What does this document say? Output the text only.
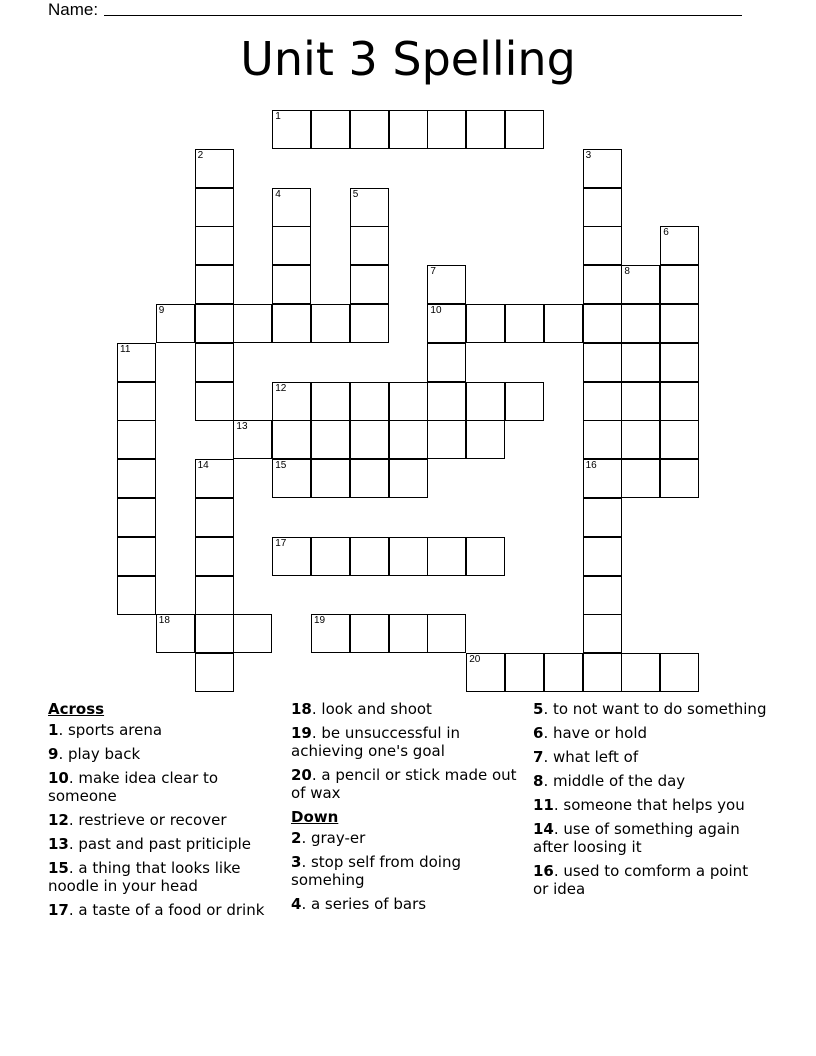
Name:
Unit 3 Spelling
1
2	3
4	5
6
7	8
9	10
11
12
13
14	15	16
17
18	19
20
Across
1. sports arena
9. play back
10. make idea clear to someone
12. restrieve or recover
13. past and past priticiple
15. a thing that looks like noodle in your head
17. a taste of a food or drink
18. look and shoot
19. be unsuccessful in achieving one's goal
20. a pencil or stick made out of wax
Down
2. gray-er
3. stop self from doing somehing
4. a series of bars
5. to not want to do something
6. have or hold
7. what left of
8. middle of the day
11. someone that helps you
14. use of something again after loosing it
16. used to comform a point or idea
